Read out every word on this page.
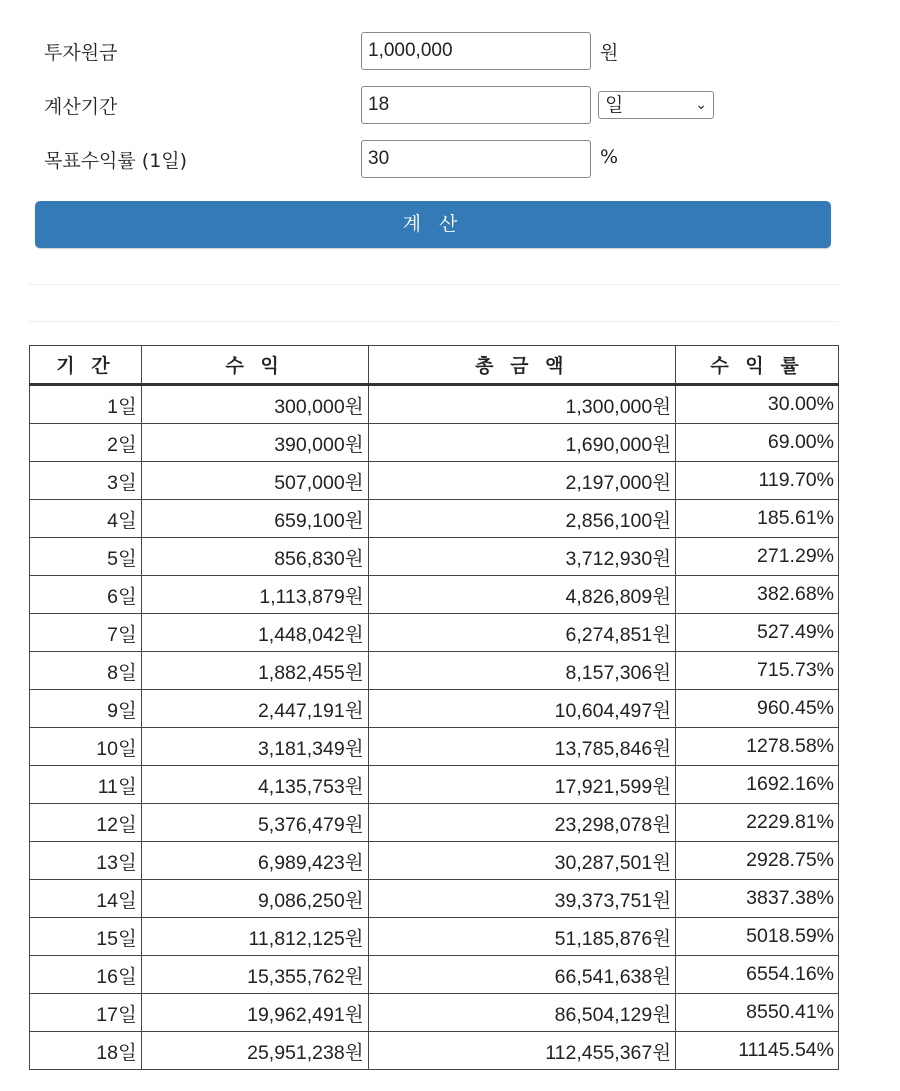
투자원금	1,000,000	원
계산기간	18	일	⌄
목표수익률 (1일)	30	%
계 산
기 간	수 익	총 금 액	수 익 률
1일	300,000원	1,300,000원	30.00%
2일	390,000원	1,690,000원	69.00%
3일	507,000원	2,197,000원	119.70%
4일	659,100원	2,856,100원	185.61%
5일	856,830원	3,712,930원	271.29%
6일	1,113,879원	4,826,809원	382.68%
7일	1,448,042원	6,274,851원	527.49%
8일	1,882,455원	8,157,306원	715.73%
9일	2,447,191원	10,604,497원	960.45%
10일	3,181,349원	13,785,846원	1278.58%
11일	4,135,753원	17,921,599원	1692.16%
12일	5,376,479원	23,298,078원	2229.81%
13일	6,989,423원	30,287,501원	2928.75%
14일	9,086,250원	39,373,751원	3837.38%
15일	11,812,125원	51,185,876원	5018.59%
16일	15,355,762원	66,541,638원	6554.16%
17일	19,962,491원	86,504,129원	8550.41%
18일	25,951,238원	112,455,367원	11145.54%
